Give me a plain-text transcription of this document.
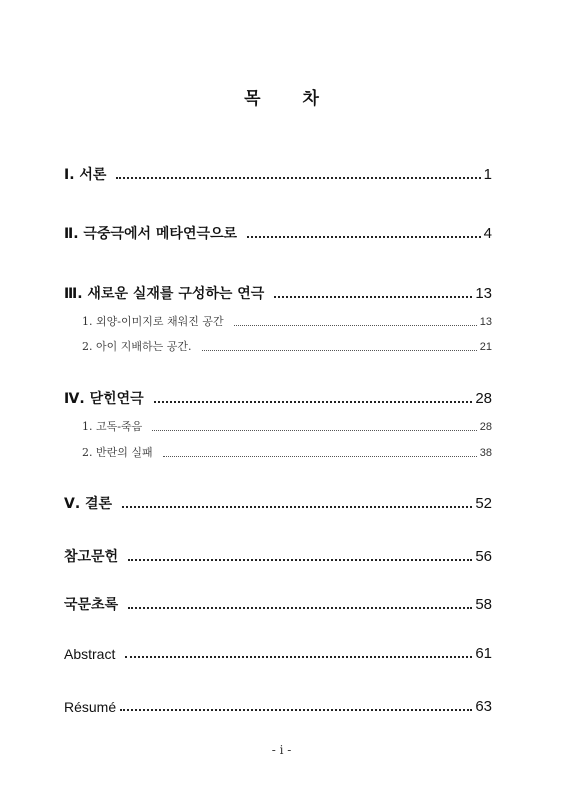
목 차
Ⅰ. 서론	1
Ⅱ. 극중극에서 메타연극으로	4
Ⅲ. 새로운 실재를 구성하는 연극	13
1. 외양-이미지로 채워진 공간	13
2. 아이 지배하는 공간.	21
Ⅳ. 닫힌연극	28
1. 고독-죽음	28
2. 반란의 실패	38
Ⅴ. 결론	52
참고문헌	56
국문초록	58
Abstract	61
Résumé	63
- i -
